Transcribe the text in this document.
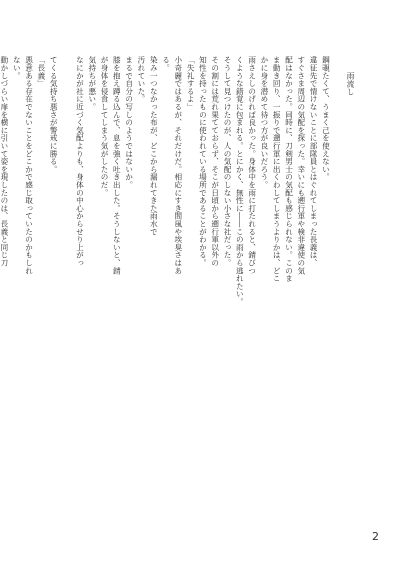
雨流し

鋼覗たくて、うまく己を使えない。
違征先で情けないことに部隊員とはぐれてしまった長義は、
すぐさま周辺の気配を探った。幸いにも遡行軍や検非違使の気
配はなかった。同時に、刀剣男士の気配も感じられない。このま
ま動き回り、一振りで遡行軍に出くわしてしまうよりかは、どこ
かに身を潜めて待つ方が良いだろう。
雨さえしのげれば良かった。身体中を雨に打たれると、錆びつ
くような錯覚に包まれる。とにかく、無性に――この雨から逃れたい。
そうして見つけたのが、人の気配のしない小さな社だった。
その割には荒れ果てておらず、そこが日頃から遡行軍以外の
知性を持ったものに使われている場所であることがわかる。
「失礼するよ」
小奇麗ではあるが、それだけだ。相応にすき間風や埃臭さはあ
る。
染み一つなかった布が、どこから漏れてきた雨水で
汚れていた。
まるで自分の写しのようではないか。
膝を抱え蹲る込んで、息を強く吐き出した。そうしないと、錆
が身体を侵食してしまう気がしたのだ。
気持ちが悪い。
なにかが社に近づく気配よりも、身体の中心からせり上がっ
てくる気持ち悪さが警戒に勝る。
「長義」
悪意ある存在でないことをどこかで感じ取っていたのかもしれ
ない。
動かしづらい扉を横に引いて姿を現したのは、長義と同じ刀
2
